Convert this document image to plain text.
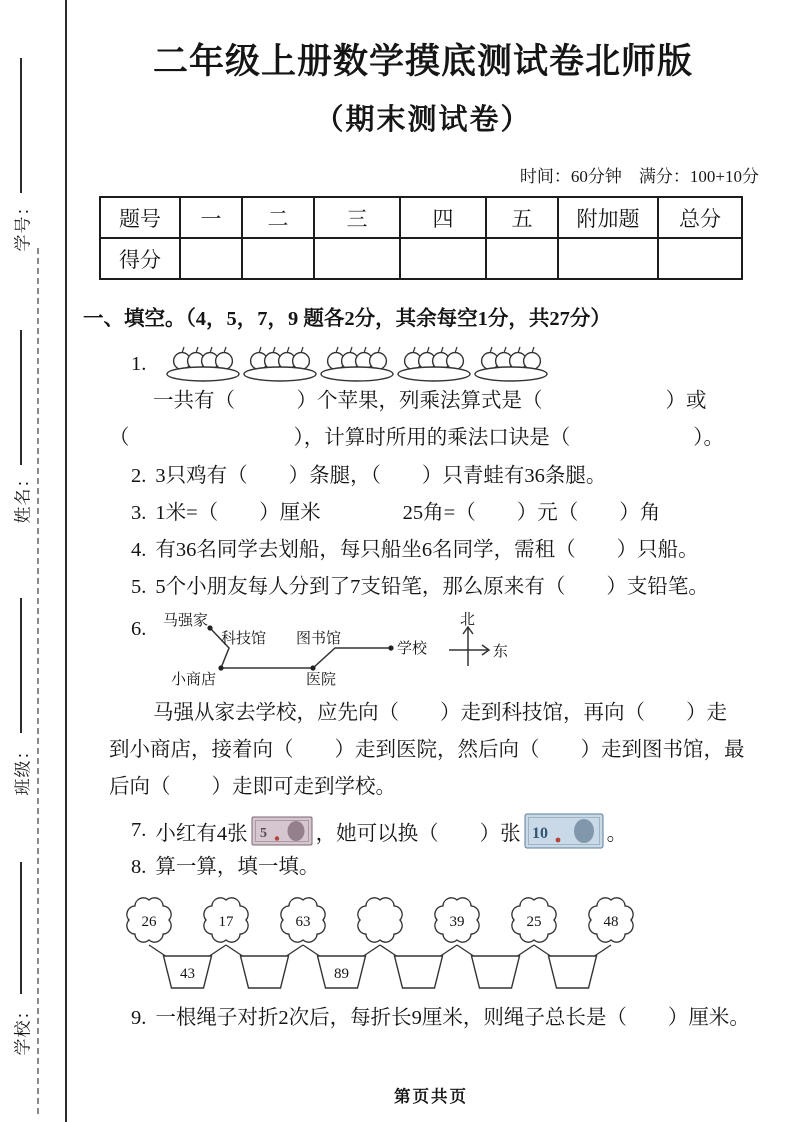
学号：
姓名：
班级：
学校：
二年级上册数学摸底测试卷北师版
（期末测试卷）
时间：60分钟　满分：100+10分
题号	一	二	三	四	五	附加题	总分
得分							
一、填空。（4，5，7，9 题各2分，其余每空1分，共27分）
1.
一共有（　　　）个苹果，列乘法算式是（　　　　　　）或
（　　　　　　　　），计算时所用的乘法口诀是（　　　　　　）。
2. 3只鸡有（　　）条腿，（　　）只青蛙有36条腿。
3. 1米=（　　）厘米　　　　25角=（　　）元（　　）角
4. 有36名同学去划船，每只船坐6名同学，需租（　　）只船。
5. 5个小朋友每人分到了7支铅笔，那么原来有（　　）支铅笔。
6. 马强家
科技馆 图书馆
学校
小商店	医院
北
东
马强从家去学校，应先向（　　）走到科技馆，再向（　　）走
到小商店，接着向（　　）走到医院，然后向（　　）走到图书馆，最
后向（　　）走即可走到学校。
7. 小红有4张 5 ，她可以换（　　）张 10	。
8. 算一算，填一填。
26	17	63	39	25	48
43	89
9. 一根绳子对折2次后，每折长9厘米，则绳子总长是（　　）厘米。
第页共页
